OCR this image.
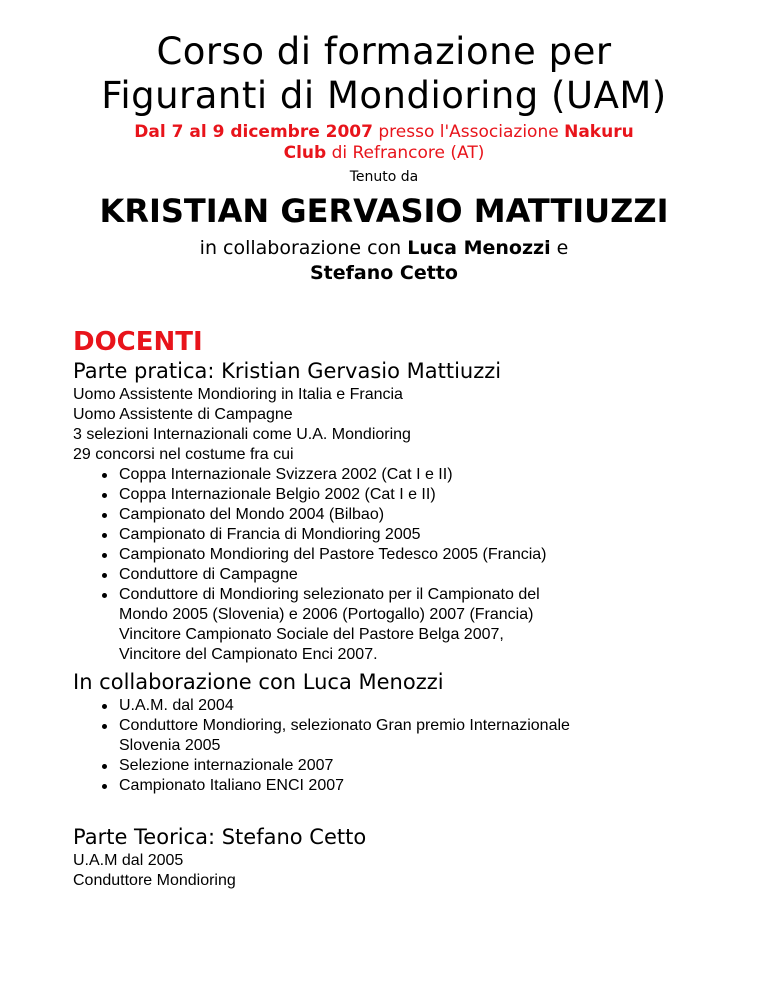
Corso di formazione per
Figuranti di Mondioring (UAM)

Dal 7 al 9 dicembre 2007 presso l'Associazione Nakuru
Club di Refrancore (AT)

Tenuto da

KRISTIAN GERVASIO MATTIUZZI

in collaborazione con Luca Menozzi e
Stefano Cetto

DOCENTI
Parte pratica: Kristian Gervasio Mattiuzzi

Uomo Assistente Mondioring in Italia e Francia

Uomo Assistente di Campagne

3 selezioni Internazionali come U.A. Mondioring

29 concorsi nel costume fra cui

Coppa Internazionale Svizzera 2002 (Cat I e II)
Coppa Internazionale Belgio 2002 (Cat I e II)
Campionato del Mondo 2004 (Bilbao)
Campionato di Francia di Mondioring 2005
Campionato Mondioring del Pastore Tedesco 2005 (Francia)
Conduttore di Campagne
Conduttore di Mondioring selezionato per il Campionato del
Mondo 2005 (Slovenia) e 2006 (Portogallo) 2007 (Francia)
Vincitore Campionato Sociale del Pastore Belga 2007,
Vincitore del Campionato Enci 2007.
In collaborazione con Luca Menozzi
U.A.M. dal 2004
Conduttore Mondioring, selezionato Gran premio Internazionale Slovenia 2005
Selezione internazionale 2007
Campionato Italiano ENCI 2007
Parte Teorica: Stefano Cetto

U.A.M dal 2005

Conduttore Mondioring
